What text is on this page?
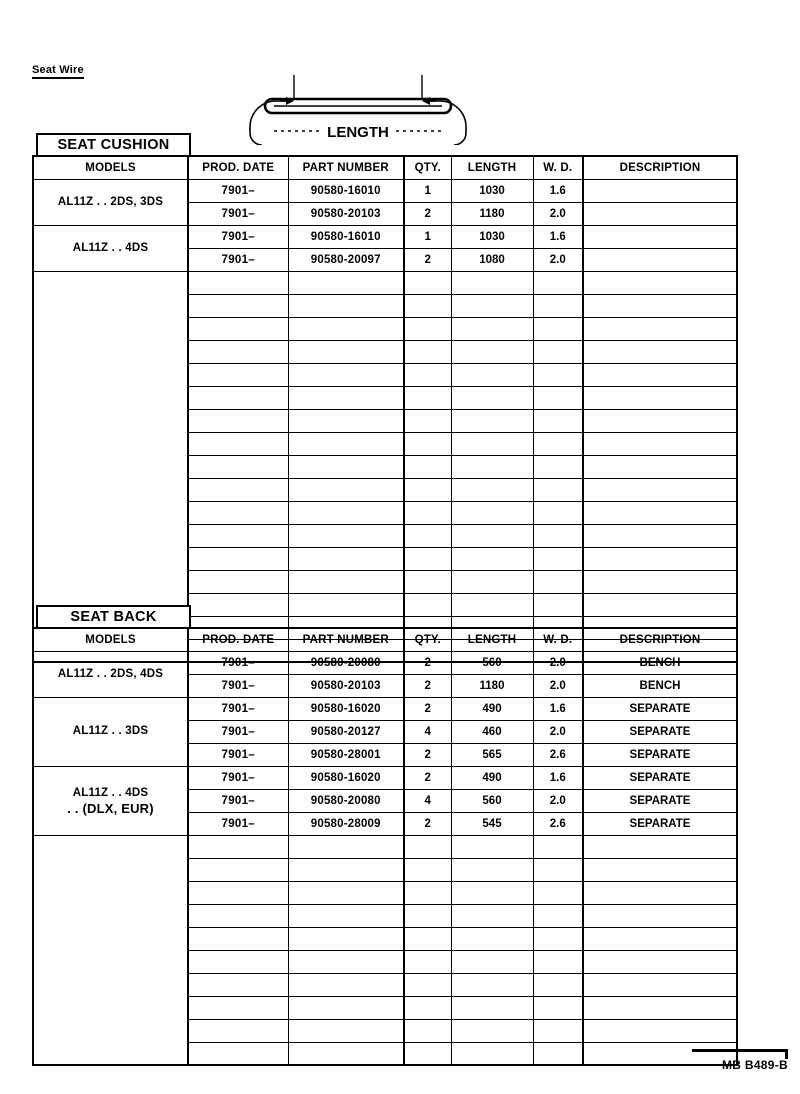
Seat Wire
LENGTH
SEAT CUSHION
MODELS	PROD. DATE	PART NUMBER	QTY.	LENGTH	W. D.	DESCRIPTION
AL11Z . . 2DS, 3DS	7901–	90580-16010	1	1030	1.6	
	7901–	90580-20103	2	1180	2.0	
AL11Z . . 4DS	7901–	90580-16010	1	1030	1.6	
	7901–	90580-20097	2	1080	2.0	

SEAT BACK
MODELS	PROD. DATE	PART NUMBER	QTY.	LENGTH	W. D.	DESCRIPTION
AL11Z . . 2DS, 4DS	7901–	90580-20080	2	560	2.0	BENCH
	7901–	90580-20103	2	1180	2.0	BENCH
AL11Z . . 3DS	7901–	90580-16020	2	490	1.6	SEPARATE
	7901–	90580-20127	4	460	2.0	SEPARATE
	7901–	90580-28001	2	565	2.6	SEPARATE
AL11Z . . 4DS
. . (DLX, EUR)	7901–	90580-16020	2	490	1.6	SEPARATE
	7901–	90580-20080	4	560	2.0	SEPARATE
	7901–	90580-28009	2	545	2.6	SEPARATE

MB B489-B
